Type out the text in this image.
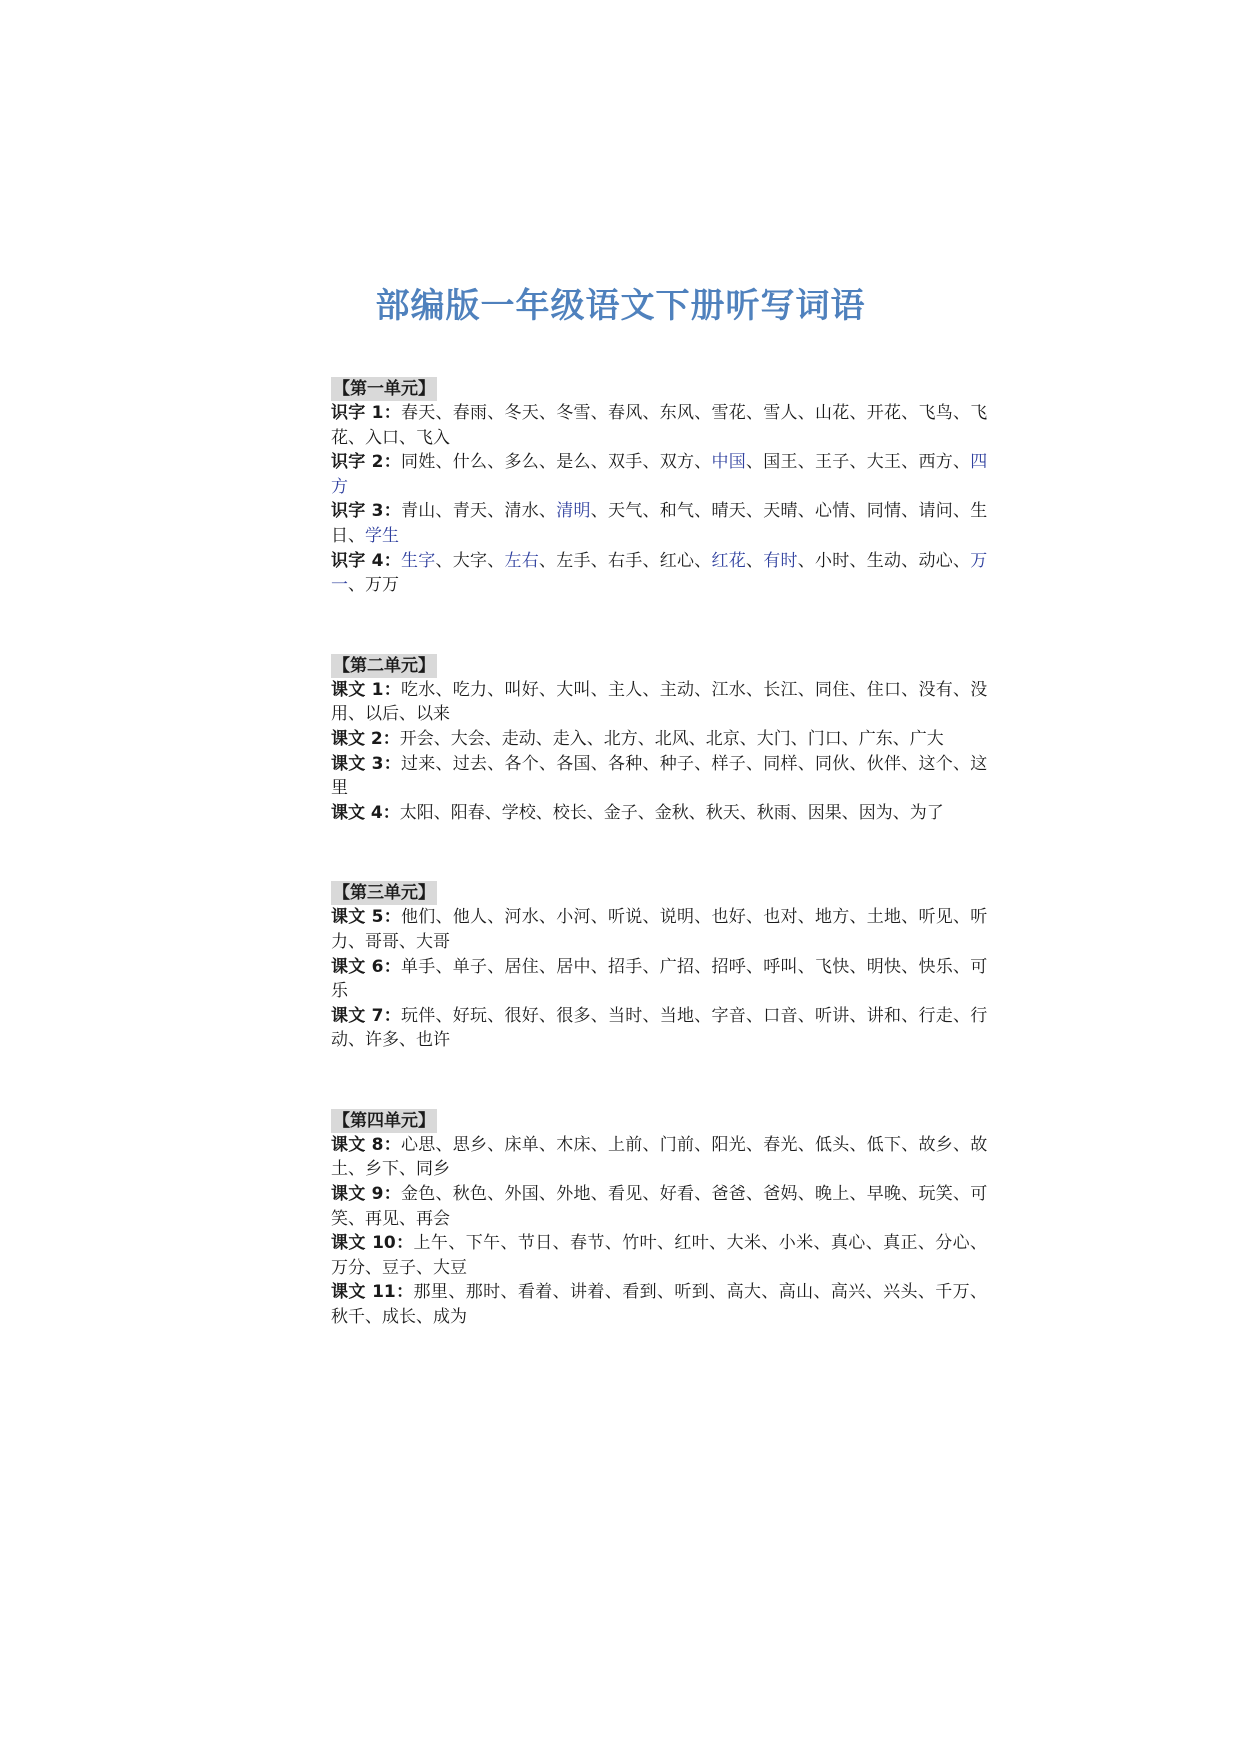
部编版一年级语文下册听写词语
【第一单元】

识字 1：春天、春雨、冬天、冬雪、春风、东风、雪花、雪人、山花、开花、飞鸟、飞花、入口、飞入

识字 2：同姓、什么、多么、是么、双手、双方、中国、国王、王子、大王、西方、四方

识字 3：青山、青天、清水、清明、天气、和气、晴天、天晴、心情、同情、请问、生日、学生

识字 4：生字、大字、左右、左手、右手、红心、红花、有时、小时、生动、动心、万一、万万

【第二单元】

课文 1：吃水、吃力、叫好、大叫、主人、主动、江水、长江、同住、住口、没有、没用、以后、以来

课文 2：开会、大会、走动、走入、北方、北风、北京、大门、门口、广东、广大

课文 3：过来、过去、各个、各国、各种、种子、样子、同样、同伙、伙伴、这个、这里

课文 4：太阳、阳春、学校、校长、金子、金秋、秋天、秋雨、因果、因为、为了

【第三单元】

课文 5：他们、他人、河水、小河、听说、说明、也好、也对、地方、土地、听见、听力、哥哥、大哥

课文 6：单手、单子、居住、居中、招手、广招、招呼、呼叫、飞快、明快、快乐、可乐

课文 7：玩伴、好玩、很好、很多、当时、当地、字音、口音、听讲、讲和、行走、行动、许多、也许

【第四单元】

课文 8：心思、思乡、床单、木床、上前、门前、阳光、春光、低头、低下、故乡、故土、乡下、同乡

课文 9：金色、秋色、外国、外地、看见、好看、爸爸、爸妈、晚上、早晚、玩笑、可笑、再见、再会

课文 10：上午、下午、节日、春节、竹叶、红叶、大米、小米、真心、真正、分心、万分、豆子、大豆

课文 11：那里、那时、看着、讲着、看到、听到、高大、高山、高兴、兴头、千万、秋千、成长、成为
